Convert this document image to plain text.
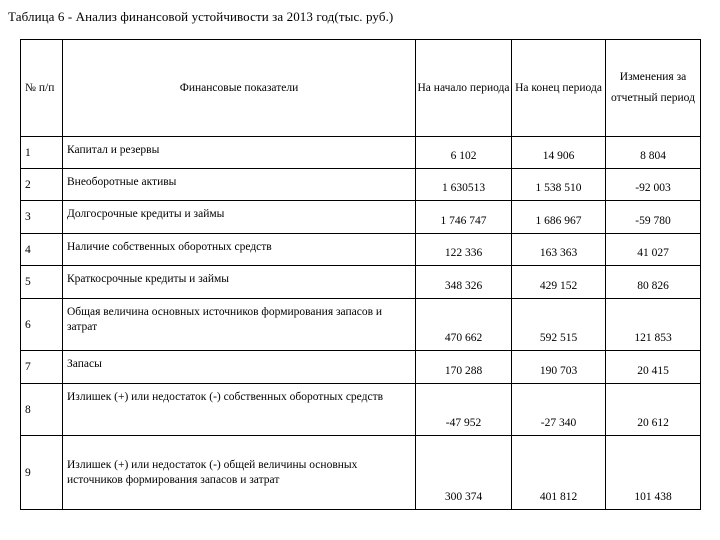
Таблица 6 - Анализ финансовой устойчивости за 2013 год(тыс. руб.)
№ п/п	Финансовые показатели	На начало периода	На конец периода	Изменения за отчетный период
1	Капитал и резервы	6 102	14 906	8 804
2	Внеоборотные активы	1 630513	1 538 510	-92 003
3	Долгосрочные кредиты и займы	1 746 747	1 686 967	-59 780
4	Наличие собственных оборотных средств	122 336	163 363	41 027
5	Краткосрочные кредиты и займы	348 326	429 152	80 826
6	Общая величина основных источников формирования запасов и затрат	470 662	592 515	121 853
7	Запасы	170 288	190 703	20 415
8	Излишек (+) или недостаток (-) собственных оборотных средств	-47 952	-27 340	20 612
9	Излишек (+) или недостаток (-) общей величины основных источников формирования запасов и затрат	300 374	401 812	101 438
